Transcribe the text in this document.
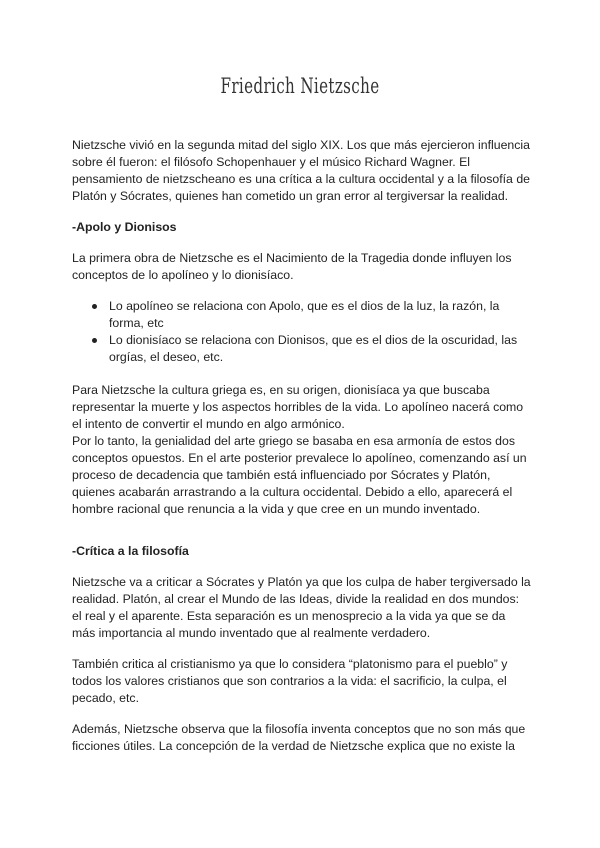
Friedrich Nietzsche

Nietzsche vivió en la segunda mitad del siglo XIX. Los que más ejercieron influencia sobre él fueron: el filósofo Schopenhauer y el músico Richard Wagner. El pensamiento de nietzscheano es una crítica a la cultura occidental y a la filosofía de Platón y Sócrates, quienes han cometido un gran error al tergiversar la realidad.

-Apolo y Dionisos

La primera obra de Nietzsche es el Nacimiento de la Tragedia donde influyen los conceptos de lo apolíneo y lo dionisíaco.

Lo apolíneo se relaciona con Apolo, que es el dios de la luz, la razón, la forma, etc
Lo dionisíaco se relaciona con Dionisos, que es el dios de la oscuridad, las orgías, el deseo, etc.

Para Nietzsche la cultura griega es, en su origen, dionisíaca ya que buscaba representar la muerte y los aspectos horribles de la vida. Lo apolíneo nacerá como el intento de convertir el mundo en algo armónico.

Por lo tanto, la genialidad del arte griego se basaba en esa armonía de estos dos conceptos opuestos. En el arte posterior prevalece lo apolíneo, comenzando así un proceso de decadencia que también está influenciado por Sócrates y Platón, quienes acabarán arrastrando a la cultura occidental. Debido a ello, aparecerá el hombre racional que renuncia a la vida y que cree en un mundo inventado.

-Crítica a la filosofía

Nietzsche va a criticar a Sócrates y Platón ya que los culpa de haber tergiversado la realidad. Platón, al crear el Mundo de las Ideas, divide la realidad en dos mundos: el real y el aparente. Esta separación es un menosprecio a la vida ya que se da más importancia al mundo inventado que al realmente verdadero.

También critica al cristianismo ya que lo considera “platonismo para el pueblo” y todos los valores cristianos que son contrarios a la vida: el sacrificio, la culpa, el pecado, etc.

Además, Nietzsche observa que la filosofía inventa conceptos que no son más que ficciones útiles. La concepción de la verdad de Nietzsche explica que no existe la
